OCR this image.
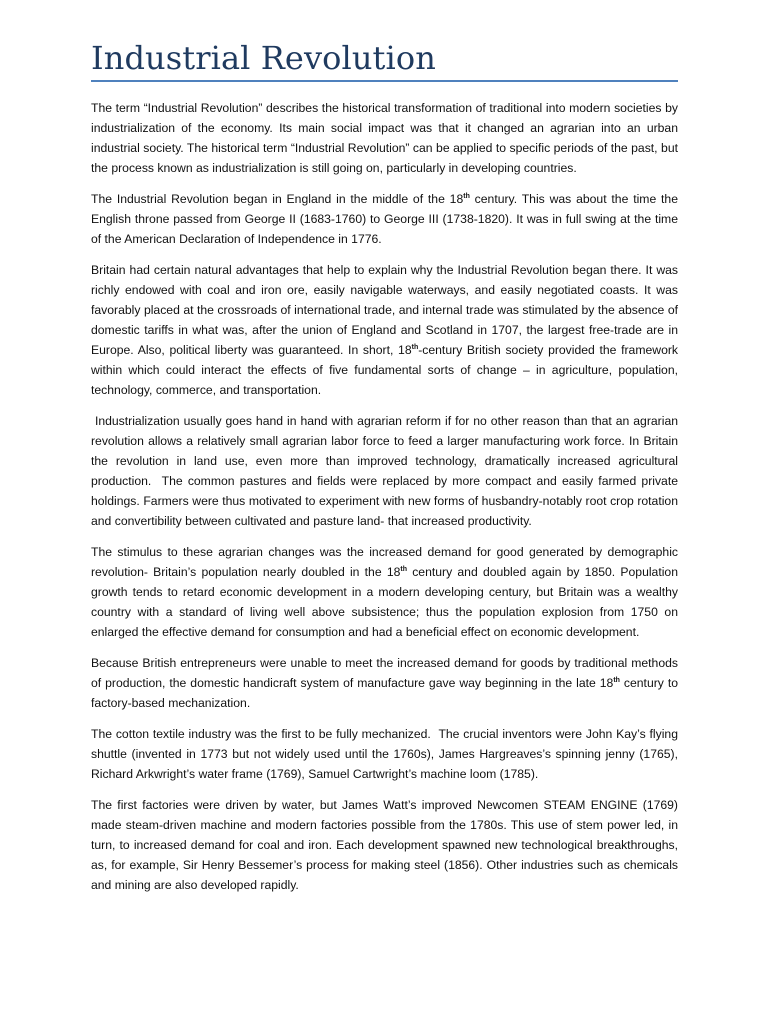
Industrial Revolution

The term “Industrial Revolution” describes the historical transformation of traditional into modern societies by industrialization of the economy. Its main social impact was that it changed an agrarian into an urban industrial society. The historical term “Industrial Revolution” can be applied to specific periods of the past, but the process known as industrialization is still going on, particularly in developing countries.

The Industrial Revolution began in England in the middle of the 18th century. This was about the time the English throne passed from George II (1683-1760) to George III (1738-1820). It was in full swing at the time of the American Declaration of Independence in 1776.

Britain had certain natural advantages that help to explain why the Industrial Revolution began there. It was richly endowed with coal and iron ore, easily navigable waterways, and easily negotiated coasts. It was favorably placed at the crossroads of international trade, and internal trade was stimulated by the absence of domestic tariffs in what was, after the union of England and Scotland in 1707, the largest free-trade are in Europe. Also, political liberty was guaranteed. In short, 18th-century British society provided the framework within which could interact the effects of five fundamental sorts of change – in agriculture, population, technology, commerce, and transportation.

Industrialization usually goes hand in hand with agrarian reform if for no other reason than that an agrarian revolution allows a relatively small agrarian labor force to feed a larger manufacturing work force. In Britain the revolution in land use, even more than improved technology, dramatically increased agricultural production.  The common pastures and fields were replaced by more compact and easily farmed private holdings. Farmers were thus motivated to experiment with new forms of husbandry-notably root crop rotation and convertibility between cultivated and pasture land- that increased productivity.

The stimulus to these agrarian changes was the increased demand for good generated by demographic revolution- Britain’s population nearly doubled in the 18th century and doubled again by 1850. Population growth tends to retard economic development in a modern developing century, but Britain was a wealthy country with a standard of living well above subsistence; thus the population explosion from 1750 on enlarged the effective demand for consumption and had a beneficial effect on economic development.

Because British entrepreneurs were unable to meet the increased demand for goods by traditional methods of production, the domestic handicraft system of manufacture gave way beginning in the late 18th century to factory-based mechanization.

The cotton textile industry was the first to be fully mechanized.  The crucial inventors were John Kay’s flying shuttle (invented in 1773 but not widely used until the 1760s), James Hargreaves’s spinning jenny (1765), Richard Arkwright’s water frame (1769), Samuel Cartwright’s machine loom (1785).

The first factories were driven by water, but James Watt’s improved Newcomen STEAM ENGINE (1769) made steam-driven machine and modern factories possible from the 1780s. This use of stem power led, in turn, to increased demand for coal and iron. Each development spawned new technological breakthroughs, as, for example, Sir Henry Bessemer’s process for making steel (1856). Other industries such as chemicals and mining are also developed rapidly.
